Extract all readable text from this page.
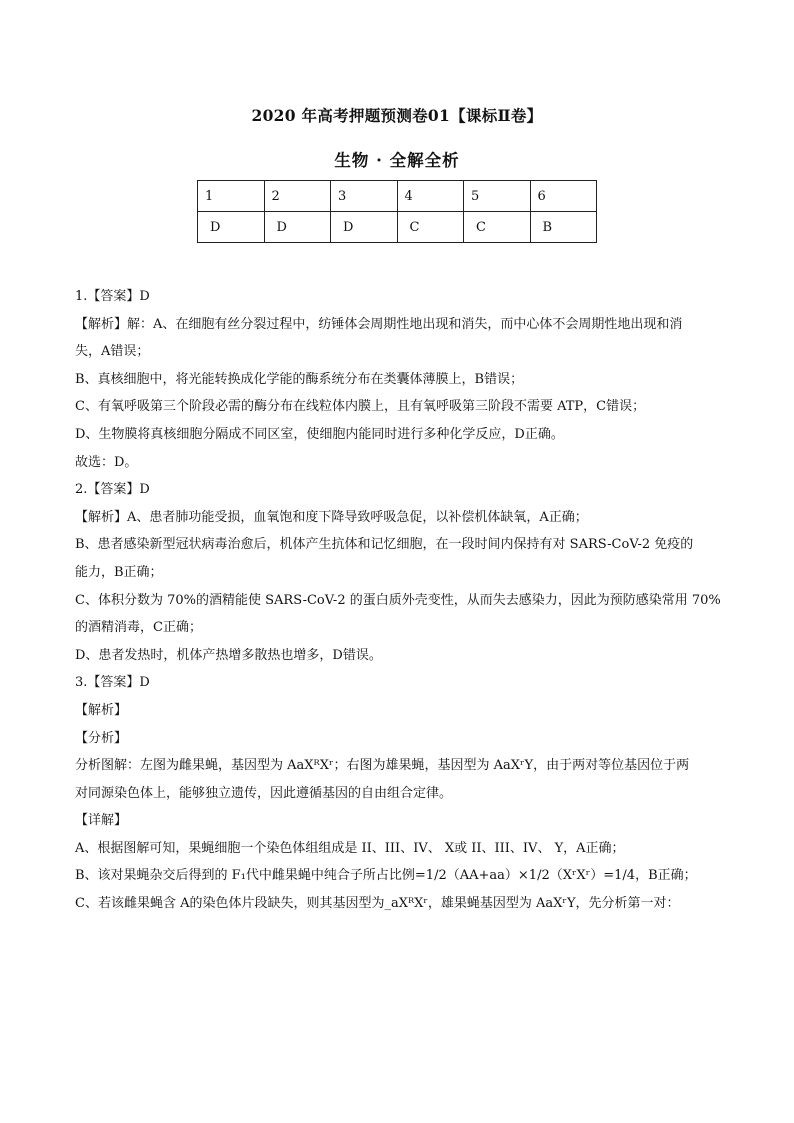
2020 年高考押题预测卷01【课标Ⅱ卷】
生物 · 全解全析
1	2	3	4	5	6
D	D	D	C	C	B

1.【答案】D

【解析】解：A、在细胞有丝分裂过程中，纺锤体会周期性地出现和消失，而中心体不会周期性地出现和消

失，A错误；

B、真核细胞中，将光能转换成化学能的酶系统分布在类囊体薄膜上，B错误；

C、有氧呼吸第三个阶段必需的酶分布在线粒体内膜上，且有氧呼吸第三阶段不需要 ATP，C错误；

D、生物膜将真核细胞分隔成不同区室，使细胞内能同时进行多种化学反应，D正确。

故选：D。

2.【答案】D

【解析】A、患者肺功能受损，血氧饱和度下降导致呼吸急促，以补偿机体缺氧，A正确；

B、患者感染新型冠状病毒治愈后，机体产生抗体和记忆细胞，在一段时间内保持有对 SARS-CoV-2 免疫的

能力，B正确；

C、体积分数为 70%的酒精能使 SARS-CoV-2 的蛋白质外壳变性，从而失去感染力，因此为预防感染常用 70%

的酒精消毒，C正确；

D、患者发热时，机体产热增多散热也增多，D错误。

3.【答案】D

【解析】

【分析】

分析图解：左图为雌果蝇，基因型为 AaXᴿXʳ；右图为雄果蝇，基因型为 AaXʳY，由于两对等位基因位于两

对同源染色体上，能够独立遗传，因此遵循基因的自由组合定律。

【详解】

A、根据图解可知，果蝇细胞一个染色体组组成是 II、III、IV、 X或 II、III、IV、 Y，A正确；

B、该对果蝇杂交后得到的 F₁代中雌果蝇中纯合子所占比例=1/2（AA+aa）×1/2（XʳXʳ）=1/4，B正确；

C、若该雌果蝇含 A的染色体片段缺失，则其基因型为_aXᴿXʳ，雄果蝇基因型为 AaXʳY，先分析第一对：
